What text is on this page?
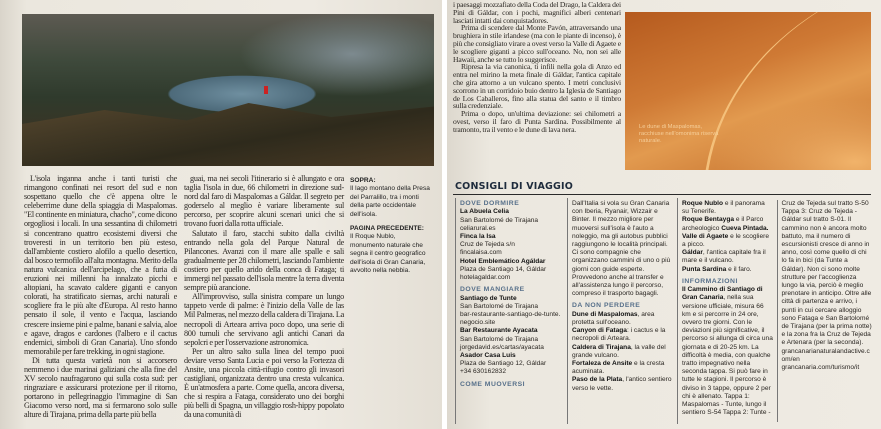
L'isola inganna anche i tanti turisti che rimangono confinati nei resort del sud e non sospettano quello che c'è appena oltre le celeberrime dune della spiaggia di Maspalomas. "El continente en miniatura, chacho", come dicono orgogliosi i locali. In una sessantina di chilometri si concentrano quattro ecosistemi diversi che troveresti in un territorio ben più esteso, dall'ambiente costiero alofilo a quello desertico, dal bosco termofilo all'alta montagna. Merito della natura vulcanica dell'arcipelago, che a furia di eruzioni nei millenni ha innalzato picchi e altopiani, ha scavato caldere giganti e canyon colorati, ha stratificato siernas, archi naturali e scogliere fra le più alte d'Europa. Al resto hanno pensato il sole, il vento e l'acqua, lasciando crescere insieme pini e palme, banani e salvia, aloe e agave, dragos e cardones (l'albero e il cactus endemici, simboli di Gran Canaria). Uno sfondo memorabile per fare trekking, in ogni stagione.

Di tutta questa varietà non si accorsero nemmeno i due marinai galiziani che alla fine del XV secolo naufragarono qui sulla costa sud: per ringraziare e assicurarsi protezione per il ritorno, portarono in pellegrinaggio l'immagine di San Giacomo verso nord, ma si fermarono solo sulle alture di Tirajana, prima della parte più bella

guai, ma nei secoli l'itinerario si è allungato e ora taglia l'isola in due, 66 chilometri in direzione sud-nord dal faro di Maspalomas a Gáldar. Il segreto per goderselo al meglio è variare liberamente sul percorso, per scoprire alcuni scenari unici che si trovano fuori dalla rotta ufficiale.

Salutato il faro, stacchi subito dalla civiltà entrando nella gola del Parque Natural de Pilancones. Avanzi con il mare alle spalle e sali gradualmente per 28 chilometri, lasciando l'ambiente costiero per quello arido della conca di Fataga; ti immergi nel passato dell'isola mentre la terra diventa sempre più arancione.

All'improvviso, sulla sinistra compare un lungo tappeto verde di palme: è l'inizio della Valle de las Mil Palmeras, nel mezzo della caldera di Tirajana. La necropoli di Arteara arriva poco dopo, una serie di 800 tumuli che servivano agli antichi Canari da sepolcri e per l'osservazione astronomica.

Per un altro salto sulla linea del tempo puoi deviare verso Santa Lucia e poi verso la Fortezza di Ansite, una piccola città-rifugio contro gli invasori castigliani, organizzata dentro una cresta vulcanica. È un'atmosfera a parte. Come quella, ancora diversa, che si respira a Fataga, considerato uno dei borghi più belli di Spagna, un villaggio rosh-hippy popolato da una comunità di

SOPRA:
Il lago montano della Presa del Parralillo, tra i monti della parte occidentale dell'isola.
PAGINA PRECEDENTE:
Il Roque Nublo, monumento naturale che segna il centro geografico dell'isola di Gran Canaria, avvolto nella nebbia.

i paesaggi mozzafiato della Coda del Drago, la Caldera dei Pini di Gáldar, con i pochi, magnifici alberi centenari lasciati intatti dai conquistadores.

Prima di scendere dal Monte Pavón, attraversando una brughiera in stile irlandese (ma con le piante di incenso), è più che consigliato virare a ovest verso la Valle di Agaete e le scogliere giganti a picco sull'oceano. No, non sei alle Hawaii, anche se tutto lo suggerisce.

Ripresa la via canonica, ti infili nella gola di Anzo ed entra nel mirino la meta finale di Gáldar, l'antica capitale che gira attorno a un vulcano spento. I metri conclusivi scorrono in un corridoio buio dentro la Iglesia de Santiago de Los Caballeros, fino alla statua del santo e il timbro sulla credenziale.

Prima o dopo, un'ultima deviazione: sei chilometri a ovest, verso il faro di Punta Sardina. Possibilmente al tramonto, tra il vento e le dune di lava nera.	Le dune di Maspalomas, racchiuse nell'omonima riserva naturale.
CONSIGLI DI VIAGGIO
DOVE DORMIRE
La Abuela Celia
San Bartolomé de Tirajana
celiarural.es
Finca la Isa
Cruz de Tejeda s/n
fincalaisa.com
Hotel Emblemático Agáldar
Plaza de Santiago 14, Gáldar
hotelagaldar.com
DOVE MANGIARE
Santiago de Tunte
San Bartolomé de Tirajana
bar-restaurante-santiago-de-tunte.negocio.site
Bar Restaurante Ayacata
San Bartolomé de Tirajana
jorgedavid.es/cartas/ayacata
Asador Casa Luis
Plaza de Santiago 12, Gáldar
+34 630162832
COME MUOVERSI
Dall'Italia si vola su Gran Canaria con Iberia, Ryanair, Wizzair e Binter. Il mezzo migliore per muoversi sull'isola è l'auto a noleggio, ma gli autobus pubblici raggiungono le località principali. Ci sono compagnie che organizzano cammini di uno o più giorni con guide esperte. Provvedono anche al transfer e all'assistenza lungo il percorso, compreso il trasporto bagagli.
DA NON PERDERE
Dune di Maspalomas, area protetta sull'oceano.
Canyon di Fataga: i cactus e la necropoli di Arteara.
Caldera di Tirajana, la valle del grande vulcano.
Fortaleza de Ansite e la cresta acuminata.
Paso de la Plata, l'antico sentiero verso le vette.
Roque Nublo e il panorama su Tenerife.
Roque Bentayga e il Parco archeologico Cueva Pintada.
Valle di Agaete e le scogliere a picco.
Gáldar, l'antica capitale fra il mare e il vulcano.
Punta Sardina e il faro.
INFORMAZIONI
Il Cammino di Santiago di Gran Canaria, nella sua versione ufficiale, misura 66 km e si percorre in 24 ore, ovvero tre giorni. Con le deviazioni più significative, il percorso si allunga di circa una giornata e di 20-25 km. La difficoltà è media, con qualche tratto impegnativo nella seconda tappa. Si può fare in tutte le stagioni. Il percorso è diviso in 3 tappe, oppure 2 per chi è allenato. Tappa 1: Maspalomas - Tunte, lungo il sentiero S-54 Tappa 2: Tunte - Cruz de Tejeda sul tratto S-50 Tappa 3: Cruz de Tejeda - Gáldar sul tratto S-01. Il cammino non è ancora molto battuto, ma il numero di escursionisti cresce di anno in anno, così come quello di chi lo fa in bici (da Tunte a Gáldar). Non ci sono molte strutture per l'accoglienza lungo la via, perciò è meglio prenotare in anticipo. Oltre alle città di partenza e arrivo, i punti in cui cercare alloggio sono Fataga e San Bartolomé de Tirajana (per la prima notte) e la zona fra la Cruz de Tejeda e Artenara (per la seconda). grancanarianaturalandactive.com/en grancanaria.com/turismo/it
